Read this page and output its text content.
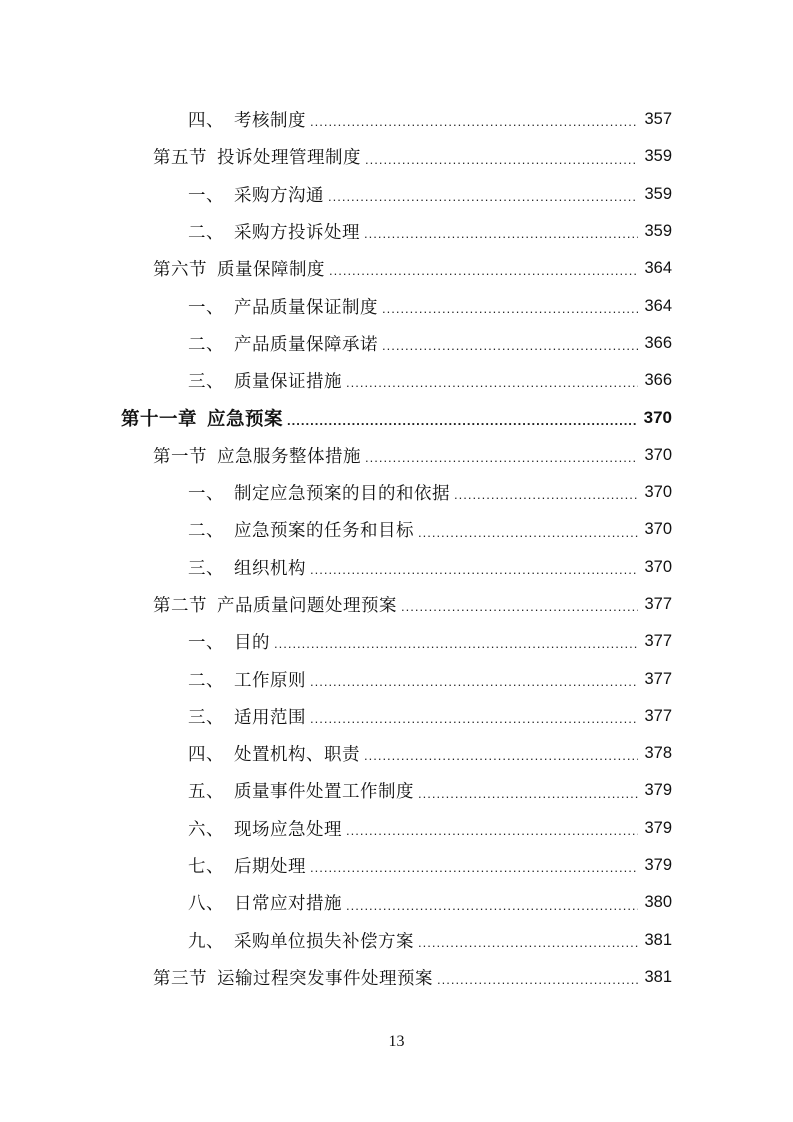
四、 考核制度 .....	357
第五节 投诉处理管理制度 .....	359
一、 采购方沟通 .....	359
二、 采购方投诉处理 .....	359
第六节 质量保障制度 .....	364
一、 产品质量保证制度 .....	364
二、 产品质量保障承诺 .....	366
三、 质量保证措施 .....	366
第十一章 应急预案 .....	370
第一节 应急服务整体措施 .....	370
一、 制定应急预案的目的和依据 .....	370
二、 应急预案的任务和目标 .....	370
三、 组织机构 .....	370
第二节 产品质量问题处理预案 .....	377
一、 目的 .....	377
二、 工作原则 .....	377
三、 适用范围 .....	377
四、 处置机构、职责 .....	378
五、 质量事件处置工作制度 .....	379
六、 现场应急处理 .....	379
七、 后期处理 .....	379
八、 日常应对措施 .....	380
九、 采购单位损失补偿方案 .....	381
第三节 运输过程突发事件处理预案 .....	381
13
